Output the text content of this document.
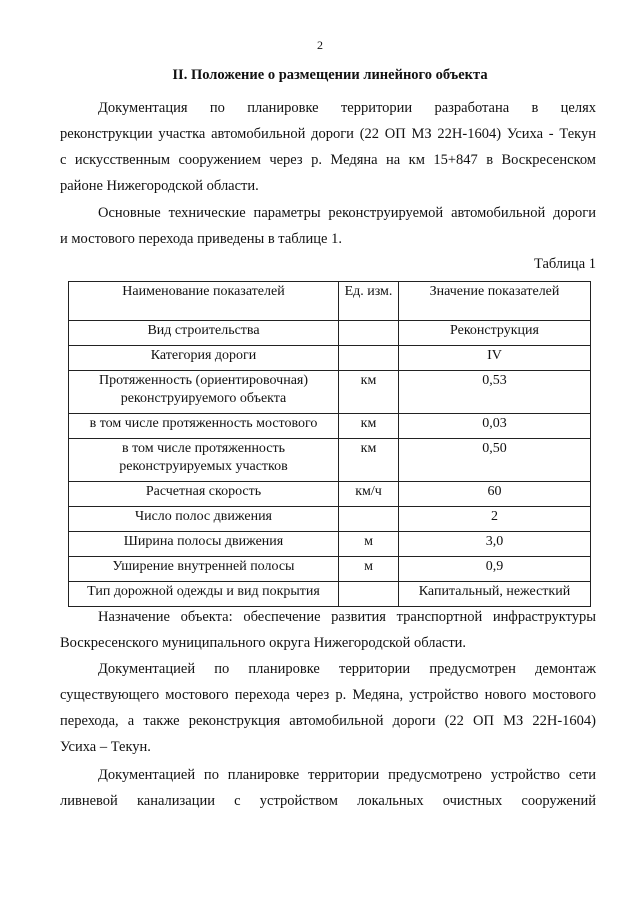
2
II. Положение о размещении линейного объекта

Документация по планировке территории разработана в целях
реконструкции участка автомобильной дороги (22 ОП МЗ 22Н-1604) Усиха - Текун
с искусственным сооружением через р. Медяна на км 15+847 в Воскресенском
районе Нижегородской области.

Основные технические параметры реконструируемой автомобильной дороги
и мостового перехода приведены в таблице 1.

Таблица 1
Наименование показателей	Ед. изм.	Значение показателей
Вид строительства		Реконструкция
Категория дороги		IV
Протяженность (ориентировочная) реконструируемого объекта	км	0,53
в том числе протяженность мостового	км	0,03
в том числе протяженность реконструируемых участков	км	0,50
Расчетная скорость	км/ч	60
Число полос движения		2
Ширина полосы движения	м	3,0
Уширение внутренней полосы	м	0,9
Тип дорожной одежды и вид покрытия		Капитальный, нежесткий

Назначение объекта: обеспечение развития транспортной инфраструктуры
Воскресенского муниципального округа Нижегородской области.

Документацией по планировке территории предусмотрен демонтаж
существующего мостового перехода через р. Медяна, устройство нового мостового
перехода, а также реконструкция автомобильной дороги (22 ОП МЗ 22Н-1604)
Усиха – Текун.

Документацией по планировке территории предусмотрено устройство сети
ливневой канализации с устройством локальных очистных сооружений
